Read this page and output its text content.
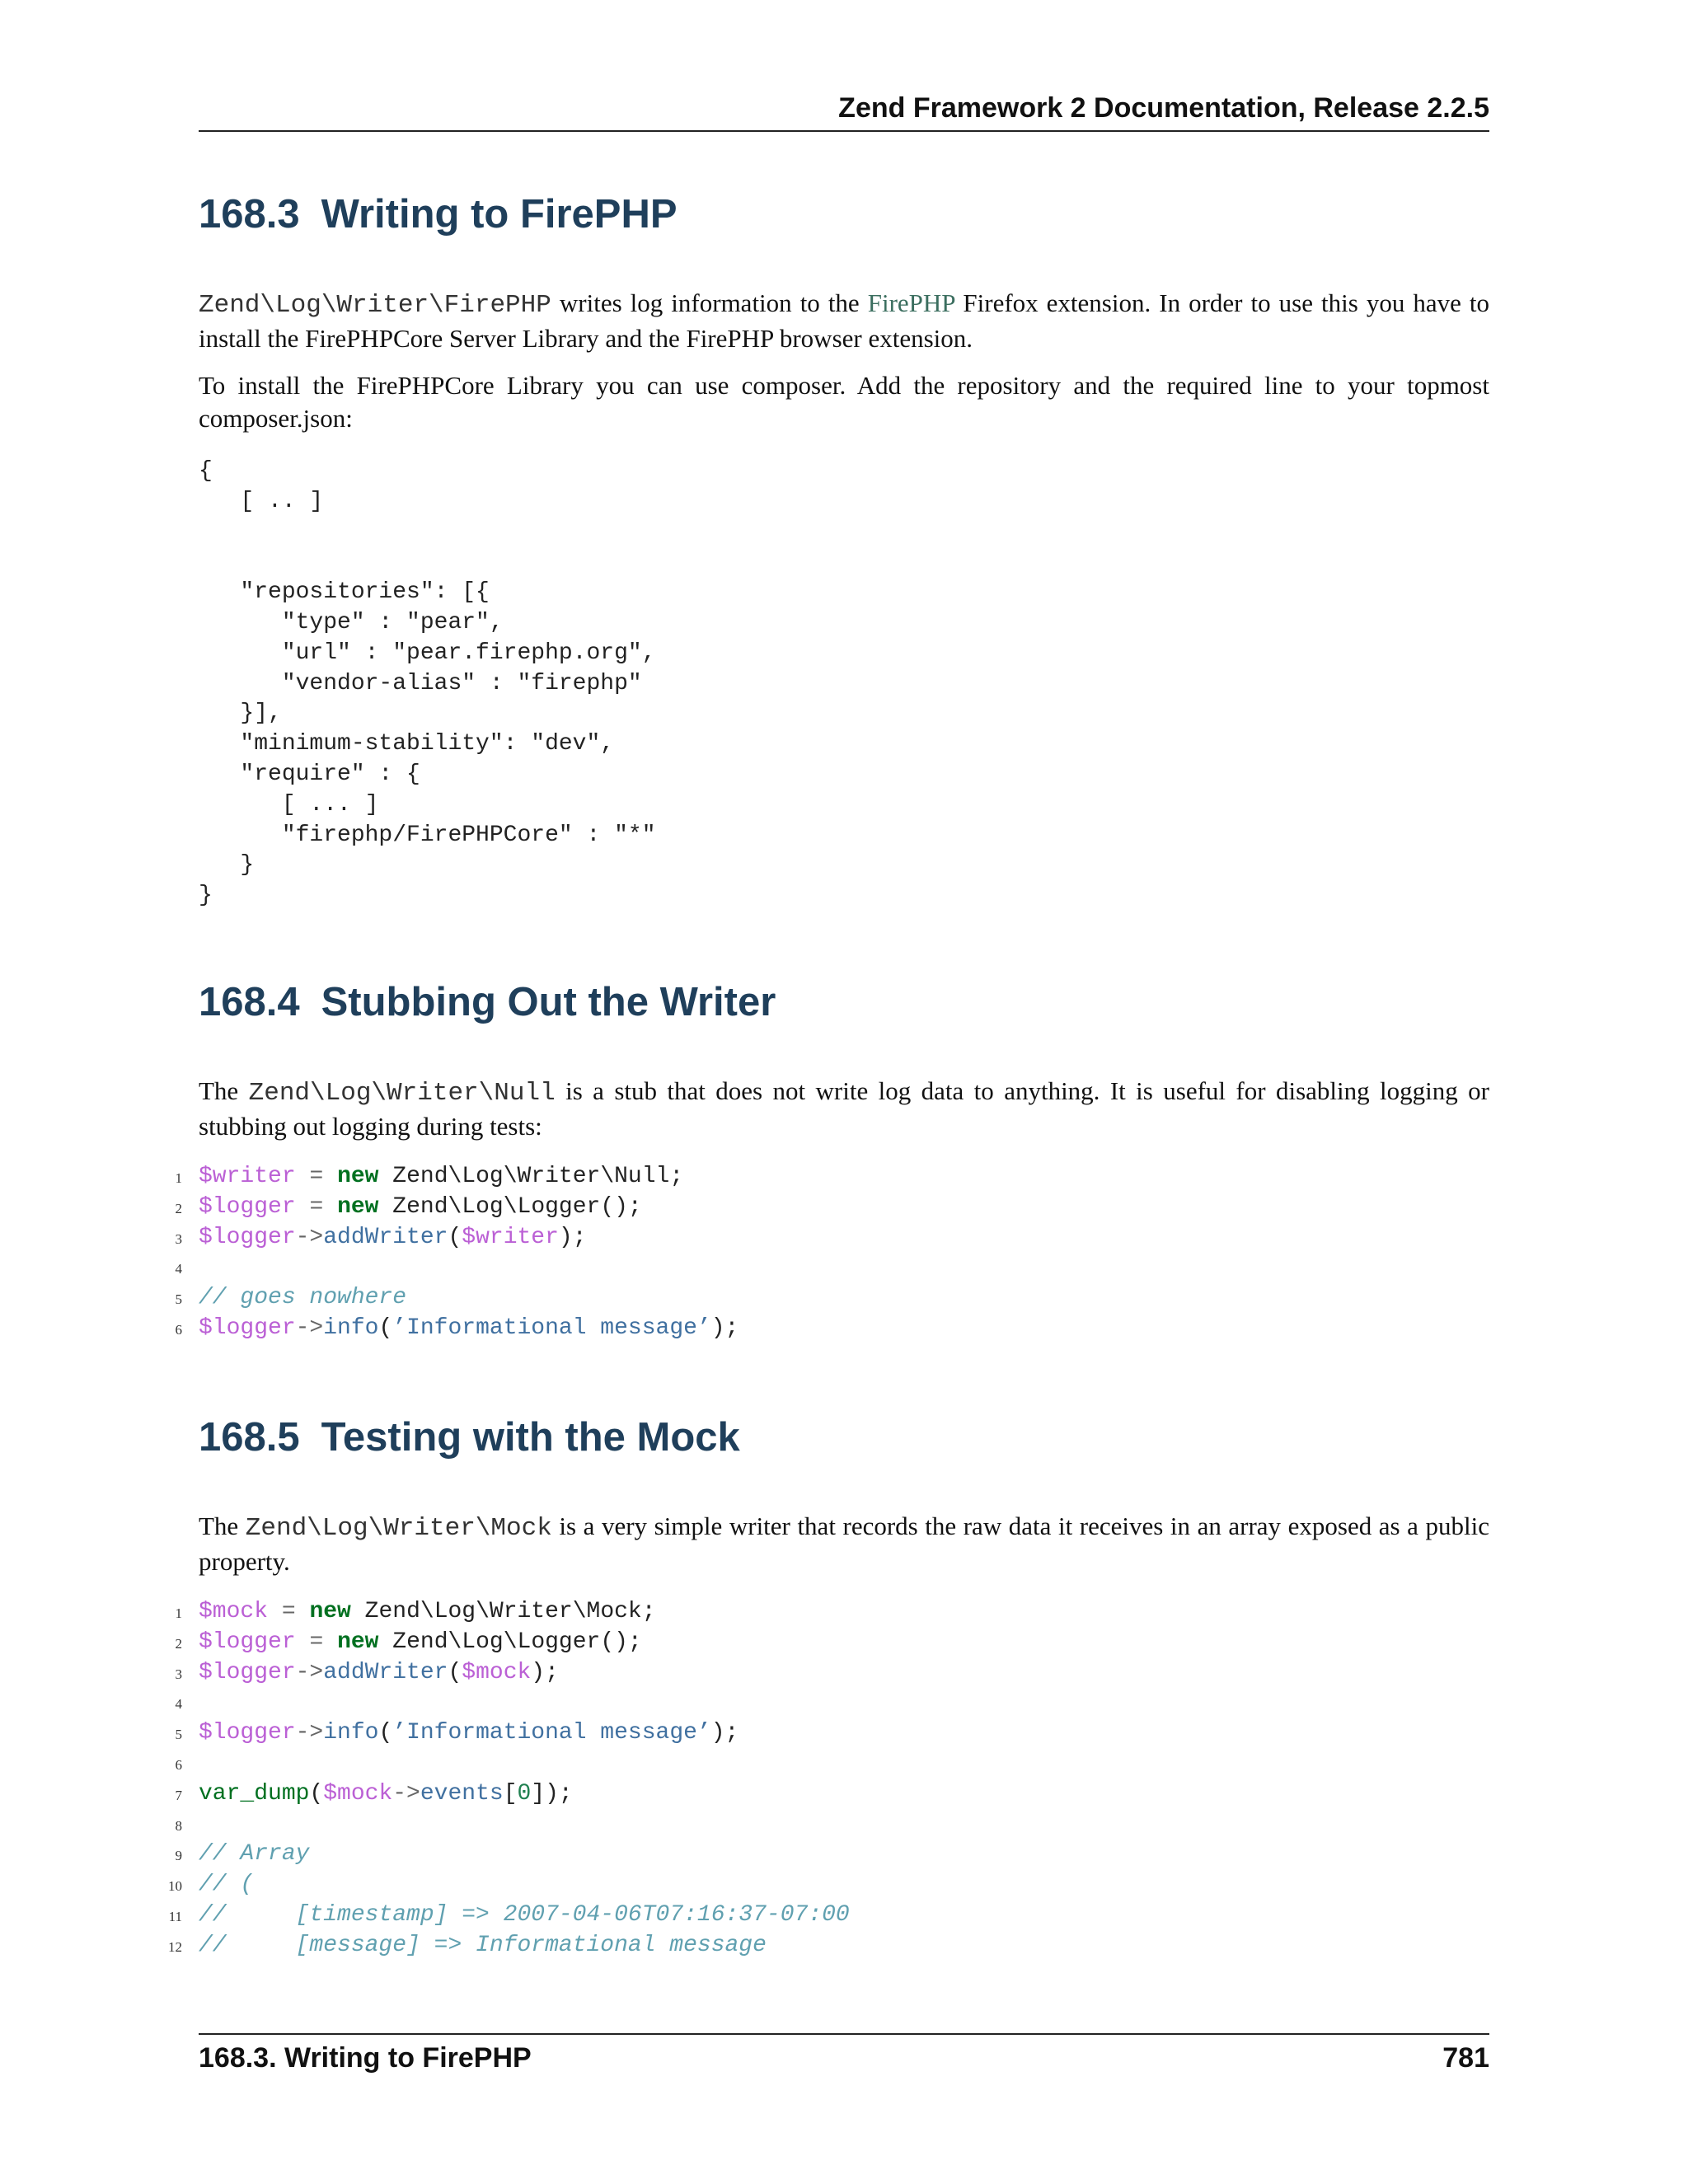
Zend Framework 2 Documentation, Release 2.2.5
168.3 Writing to FirePHP

Zend\Log\Writer\FirePHP writes log information to the FirePHP Firefox extension. In order to use this you have to install the FirePHPCore Server Library and the FirePHP browser extension.

To install the FirePHPCore Library you can use composer. Add the repository and the required line to your topmost composer.json:

{
[ .. ]
"repositories": [{
"type" : "pear",
"url" : "pear.firephp.org",
"vendor-alias" : "firephp"
}],
"minimum-stability": "dev",
"require" : {
[ ... ]
"firephp/FirePHPCore" : "*"
}
}
168.4 Stubbing Out the Writer

The Zend\Log\Writer\Null is a stub that does not write log data to anything. It is useful for disabling logging or stubbing out logging during tests:

1 $writer = new Zend\Log\Writer\Null;
2 $logger = new Zend\Log\Logger();
3 $logger->addWriter($writer);
4
5 // goes nowhere
6 $logger->info(’Informational message’);
168.5 Testing with the Mock

The Zend\Log\Writer\Mock is a very simple writer that records the raw data it receives in an array exposed as a public property.

1 $mock = new Zend\Log\Writer\Mock;
2 $logger = new Zend\Log\Logger();
3 $logger->addWriter($mock);
4
5 $logger->info(’Informational message’);
6
7 var_dump($mock->events[0]);
8
9 // Array
10 // (
11 //     [timestamp] => 2007-04-06T07:16:37-07:00
12 //     [message] => Informational message
168.3. Writing to FirePHP	781
